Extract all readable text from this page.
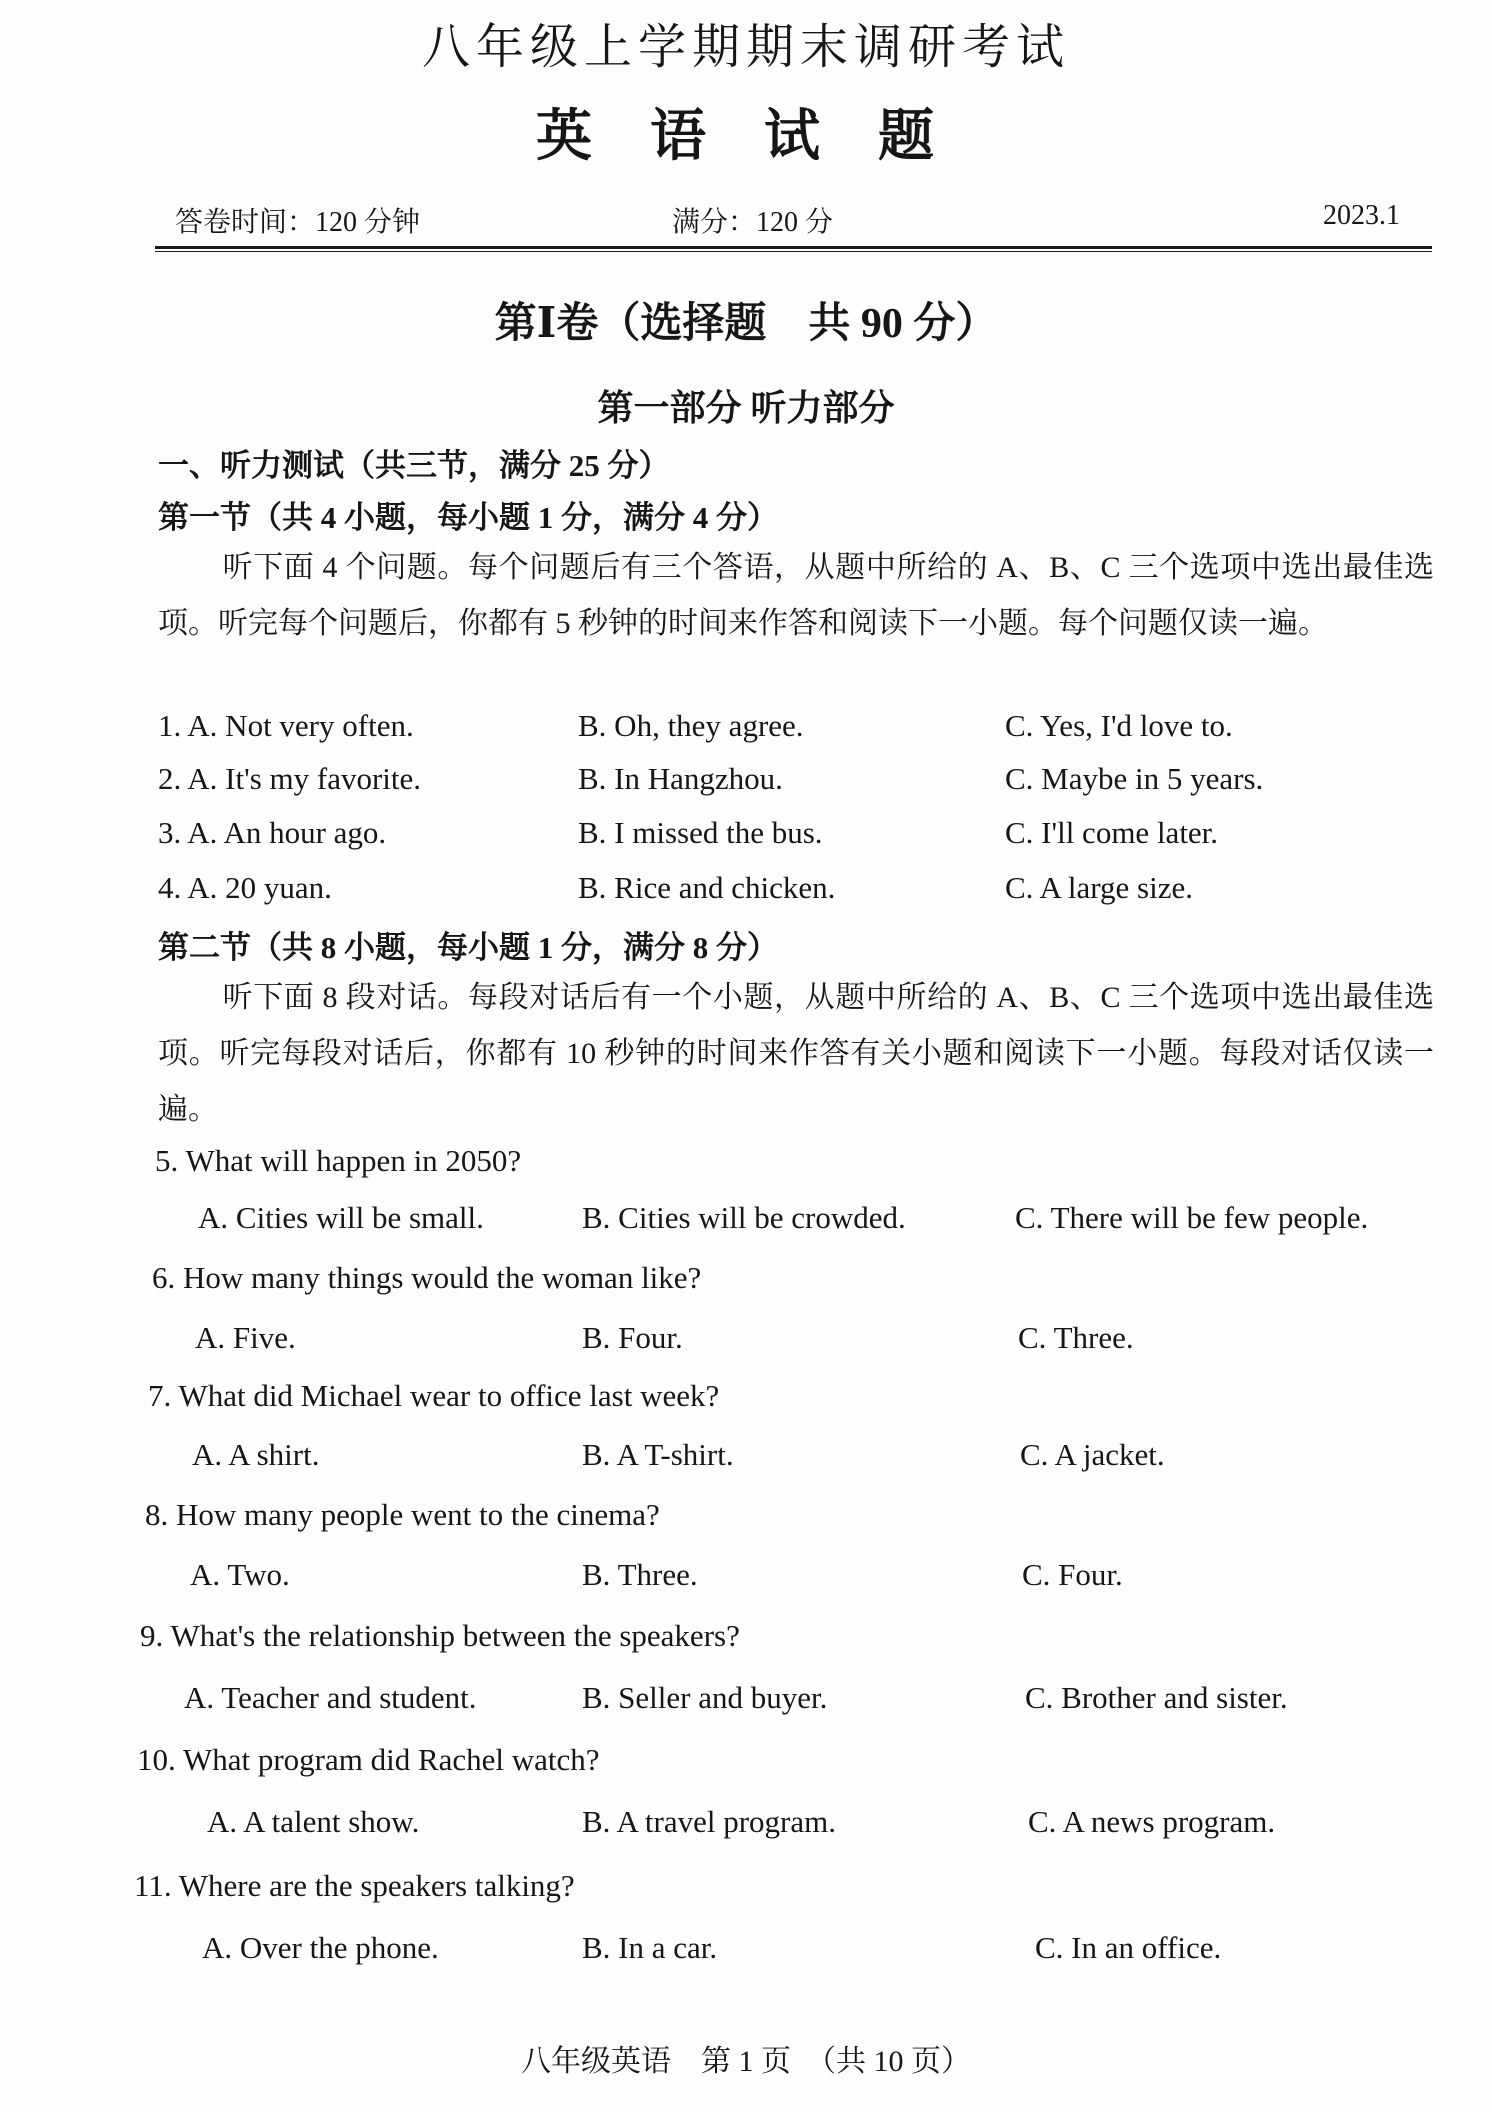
八年级上学期期末调研考试
英 语 试 题
答卷时间：120 分钟	满分：120 分	2023.1
第Ⅰ卷（选择题　共 90 分）
第一部分 听力部分
一、听力测试（共三节，满分 25 分）
第一节（共 4 小题，每小题 1 分，满分 4 分）
听下面 4 个问题。每个问题后有三个答语，从题中所给的 A、B、C 三个选项中选出最佳选项。听完每个问题后，你都有 5 秒钟的时间来作答和阅读下一小题。每个问题仅读一遍。
1. A. Not very often.	B. Oh, they agree.	C. Yes, I'd love to.
2. A. It's my favorite.	B. In Hangzhou.	C. Maybe in 5 years.
3. A. An hour ago.	B. I missed the bus.	C. I'll come later.
4. A. 20 yuan.	B. Rice and chicken.	C. A large size.
第二节（共 8 小题，每小题 1 分，满分 8 分）
听下面 8 段对话。每段对话后有一个小题，从题中所给的 A、B、C 三个选项中选出最佳选项。听完每段对话后，你都有 10 秒钟的时间来作答有关小题和阅读下一小题。每段对话仅读一遍。
5. What will happen in 2050?
A. Cities will be small.	B. Cities will be crowded.	C. There will be few people.
6. How many things would the woman like?
A. Five.	B. Four.	C. Three.
7. What did Michael wear to office last week?
A. A shirt.	B. A T-shirt.	C. A jacket.
8. How many people went to the cinema?
A. Two.	B. Three.	C. Four.
9. What's the relationship between the speakers?
A. Teacher and student.	B. Seller and buyer.	C. Brother and sister.
10. What program did Rachel watch?
A. A talent show.	B. A travel program.	C. A news program.
11. Where are the speakers talking?
A. Over the phone.	B. In a car.	C. In an office.
八年级英语　第 1 页　（共 10 页）
